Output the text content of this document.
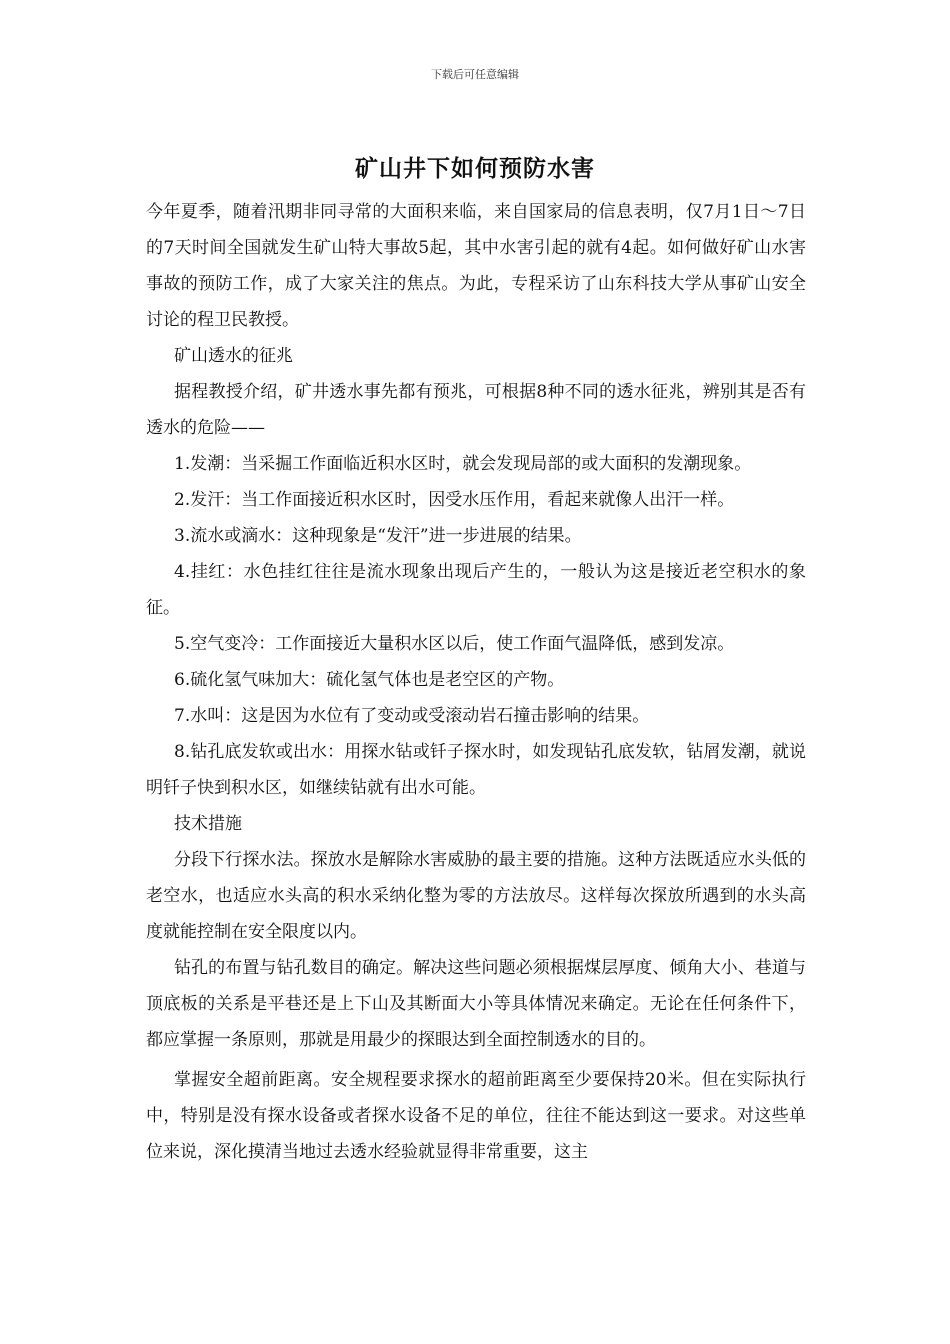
下载后可任意编辑
矿山井下如何预防水害

今年夏季，随着汛期非同寻常的大面积来临，来自国家局的信息表明，仅7月1日～7日的7天时间全国就发生矿山特大事故5起，其中水害引起的就有4起。如何做好矿山水害事故的预防工作，成了大家关注的焦点。为此，专程采访了山东科技大学从事矿山安全讨论的程卫民教授。

矿山透水的征兆

据程教授介绍，矿井透水事先都有预兆，可根据8种不同的透水征兆，辨别其是否有透水的危险——

1.发潮：当采掘工作面临近积水区时，就会发现局部的或大面积的发潮现象。

2.发汗：当工作面接近积水区时，因受水压作用，看起来就像人出汗一样。

3.流水或滴水：这种现象是“发汗”进一步进展的结果。

4.挂红：水色挂红往往是流水现象出现后产生的，一般认为这是接近老空积水的象征。

5.空气变冷：工作面接近大量积水区以后，使工作面气温降低，感到发凉。

6.硫化氢气味加大：硫化氢气体也是老空区的产物。

7.水叫：这是因为水位有了变动或受滚动岩石撞击影响的结果。

8.钻孔底发软或出水：用探水钻或钎子探水时，如发现钻孔底发软，钻屑发潮，就说明钎子快到积水区，如继续钻就有出水可能。

技术措施

分段下行探水法。探放水是解除水害威胁的最主要的措施。这种方法既适应水头低的老空水，也适应水头高的积水采纳化整为零的方法放尽。这样每次探放所遇到的水头高度就能控制在安全限度以内。

钻孔的布置与钻孔数目的确定。解决这些问题必须根据煤层厚度、倾角大小、巷道与顶底板的关系是平巷还是上下山及其断面大小等具体情况来确定。无论在任何条件下，都应掌握一条原则，那就是用最少的探眼达到全面控制透水的目的。

掌握安全超前距离。安全规程要求探水的超前距离至少要保持20米。但在实际执行中，特别是没有探水设备或者探水设备不足的单位，往往不能达到这一要求。对这些单位来说，深化摸清当地过去透水经验就显得非常重要，这主
